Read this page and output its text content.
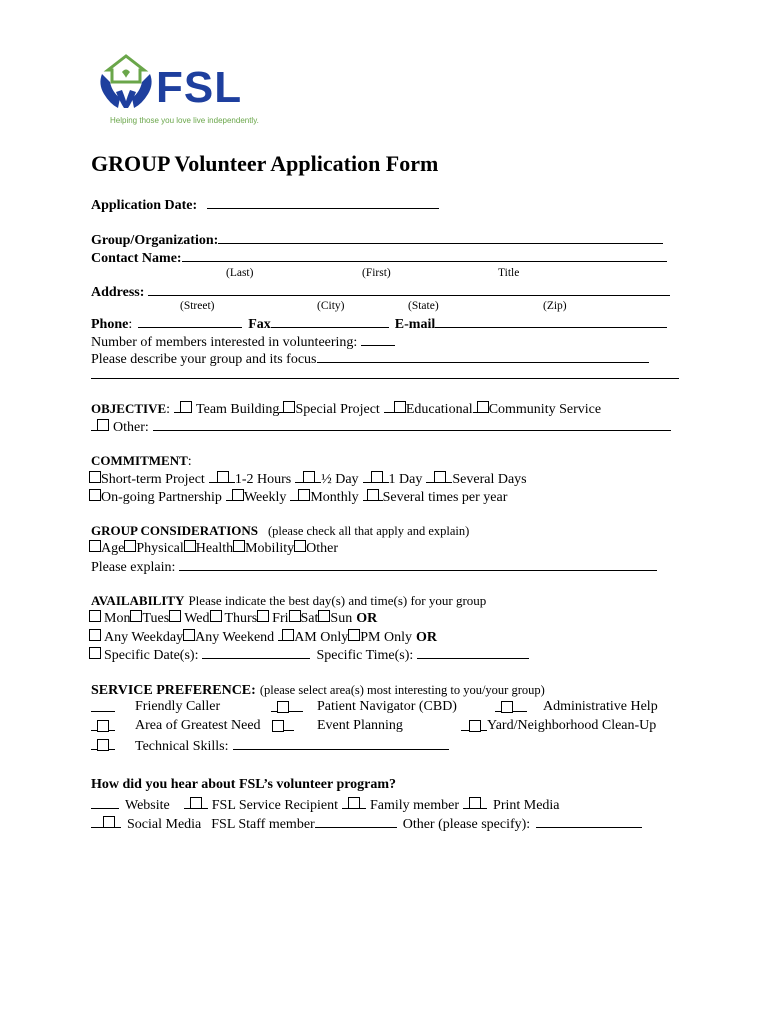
FSL
Helping those you love live independently.
GROUP Volunteer Application Form
Application Date:
Group/Organization:
Contact Name:
(Last)	(First)	Title
Address:
(Street)	(City)	(State)	(Zip)
Phone :	Fax	E-mail
Number of members interested in volunteering:
Please describe your group and its focus
OBJECTIVE : Team Building Special Project Educational Community Service
Other:
COMMITMENT :
Short-term Project 1-2 Hours ½ Day 1 Day Several Days
On-going Partnership Weekly Monthly Several times per year
GROUP CONSIDERATIONS (please check all that apply and explain)
Age Physical Health Mobility Other
Please explain:
AVAILABILITY Please indicate the best day(s) and time(s) for your group
Mon Tues Wed Thurs Fri Sat Sun OR
Any Weekday Any Weekend AM Only PM Only OR
Specific Date(s):	Specific Time(s):
SERVICE PREFERENCE: (please select area(s) most interesting to you/your group)
Friendly Caller	Patient Navigator (CBD)	Administrative Help
Area of Greatest Need	Event Planning	Yard/Neighborhood Clean-Up
Technical Skills:
How did you hear about FSL’s volunteer program?
Website	FSL Service Recipient Family member Print Media
Social Media FSL Staff member	Other (please specify):
